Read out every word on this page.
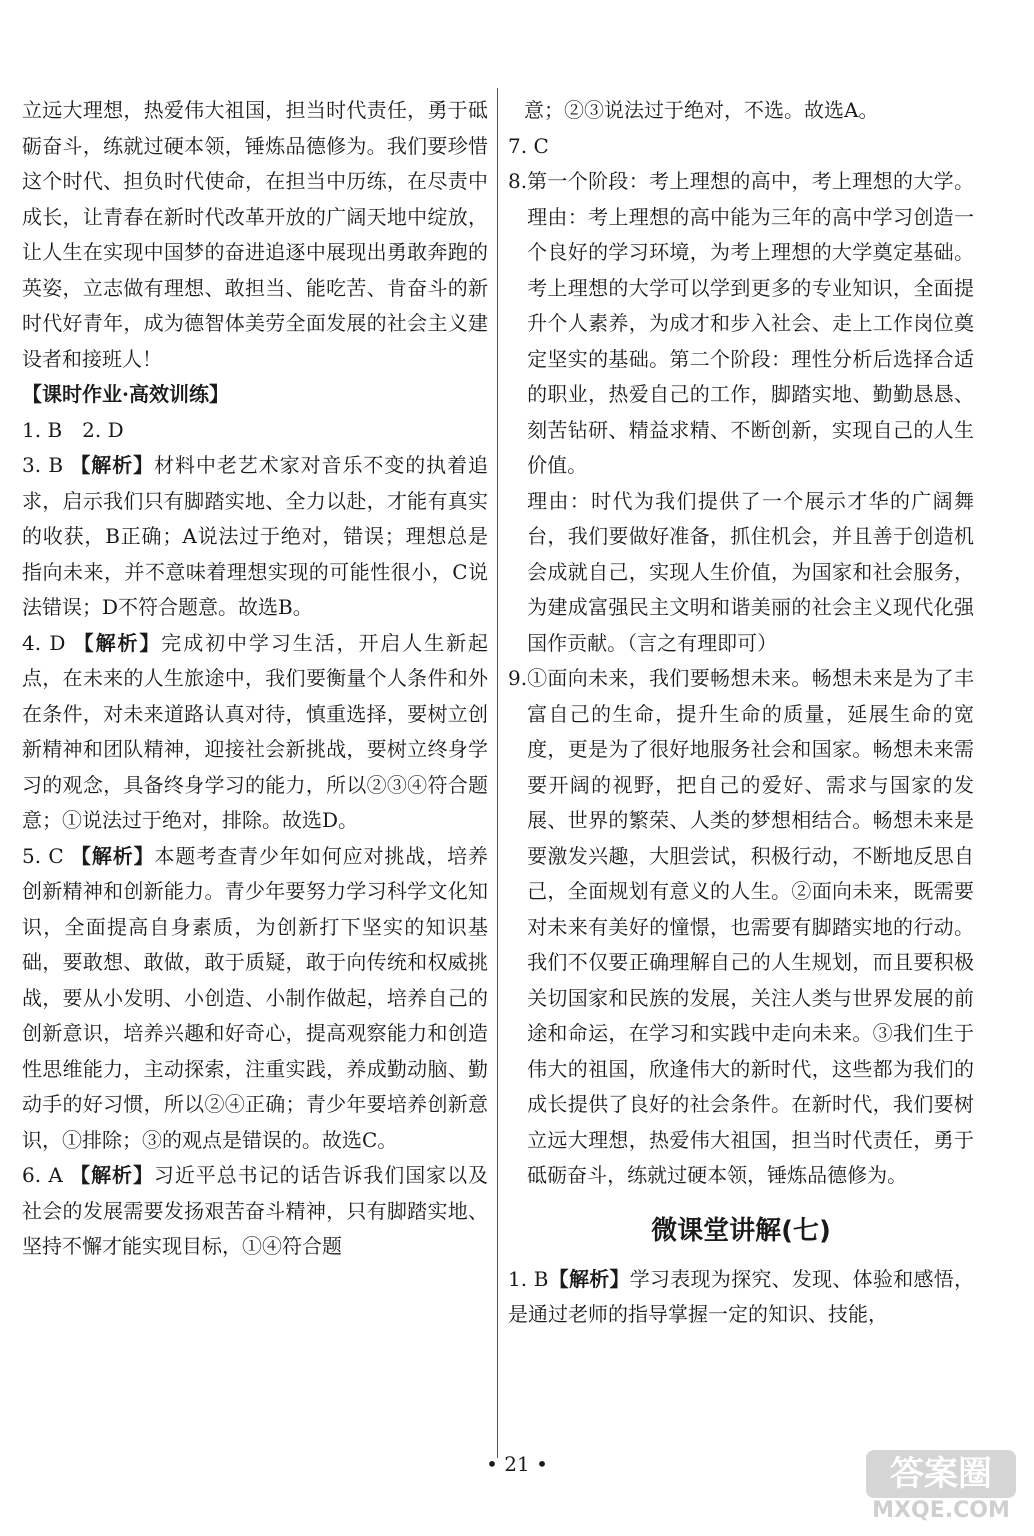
立远大理想，热爱伟大祖国，担当时代责任，勇于砥砺奋斗，练就过硬本领，锤炼品德修为。我们要珍惜这个时代、担负时代使命，在担当中历练，在尽责中成长，让青春在新时代改革开放的广阔天地中绽放，让人生在实现中国梦的奋进追逐中展现出勇敢奔跑的英姿，立志做有理想、敢担当、能吃苦、肯奋斗的新时代好青年，成为德智体美劳全面发展的社会主义建设者和接班人！

【课时作业·高效训练】

1. B　2. D

3. B 【解析】材料中老艺术家对音乐不变的执着追求，启示我们只有脚踏实地、全力以赴，才能有真实的收获，B正确；A说法过于绝对，错误；理想总是指向未来，并不意味着理想实现的可能性很小，C说法错误；D不符合题意。故选B。
4. D 【解析】完成初中学习生活，开启人生新起点，在未来的人生旅途中，我们要衡量个人条件和外在条件，对未来道路认真对待，慎重选择，要树立创新精神和团队精神，迎接社会新挑战，要树立终身学习的观念，具备终身学习的能力，所以②③④符合题意；①说法过于绝对，排除。故选D。
5. C 【解析】本题考查青少年如何应对挑战，培养创新精神和创新能力。青少年要努力学习科学文化知识，全面提高自身素质，为创新打下坚实的知识基础，要敢想、敢做，敢于质疑，敢于向传统和权威挑战，要从小发明、小创造、小制作做起，培养自己的创新意识，培养兴趣和好奇心，提高观察能力和创造性思维能力，主动探索，注重实践，养成勤动脑、勤动手的好习惯，所以②④正确；青少年要培养创新意识，①排除；③的观点是错误的。故选C。
6. A 【解析】习近平总书记的话告诉我们国家以及社会的发展需要发扬艰苦奋斗精神，只有脚踏实地、坚持不懈才能实现目标，①④符合题

意；②③说法过于绝对，不选。故选A。

7. C

8. 第一个阶段：考上理想的高中，考上理想的大学。理由：考上理想的高中能为三年的高中学习创造一个良好的学习环境，为考上理想的大学奠定基础。考上理想的大学可以学到更多的专业知识，全面提升个人素养，为成才和步入社会、走上工作岗位奠定坚实的基础。第二个阶段：理性分析后选择合适的职业，热爱自己的工作，脚踏实地、勤勤恳恳、刻苦钻研、精益求精、不断创新，实现自己的人生价值。
理由：时代为我们提供了一个展示才华的广阔舞台，我们要做好准备，抓住机会，并且善于创造机会成就自己，实现人生价值，为国家和社会服务，为建成富强民主文明和谐美丽的社会主义现代化强国作贡献。（言之有理即可）
9. ①面向未来，我们要畅想未来。畅想未来是为了丰富自己的生命，提升生命的质量，延展生命的宽度，更是为了很好地服务社会和国家。畅想未来需要开阔的视野，把自己的爱好、需求与国家的发展、世界的繁荣、人类的梦想相结合。畅想未来是要激发兴趣，大胆尝试，积极行动，不断地反思自己，全面规划有意义的人生。②面向未来，既需要对未来有美好的憧憬，也需要有脚踏实地的行动。我们不仅要正确理解自己的人生规划，而且要积极关切国家和民族的发展，关注人类与世界发展的前途和命运，在学习和实践中走向未来。③我们生于伟大的祖国，欣逢伟大的新时代，这些都为我们的成长提供了良好的社会条件。在新时代，我们要树立远大理想，热爱伟大祖国，担当时代责任，勇于砥砺奋斗，练就过硬本领，锤炼品德修为。
微课堂讲解(七)
1. B【解析】学习表现为探究、发现、体验和感悟，是通过老师的指导掌握一定的知识、技能，
• 21 •	答案圈
MXQE.COM
